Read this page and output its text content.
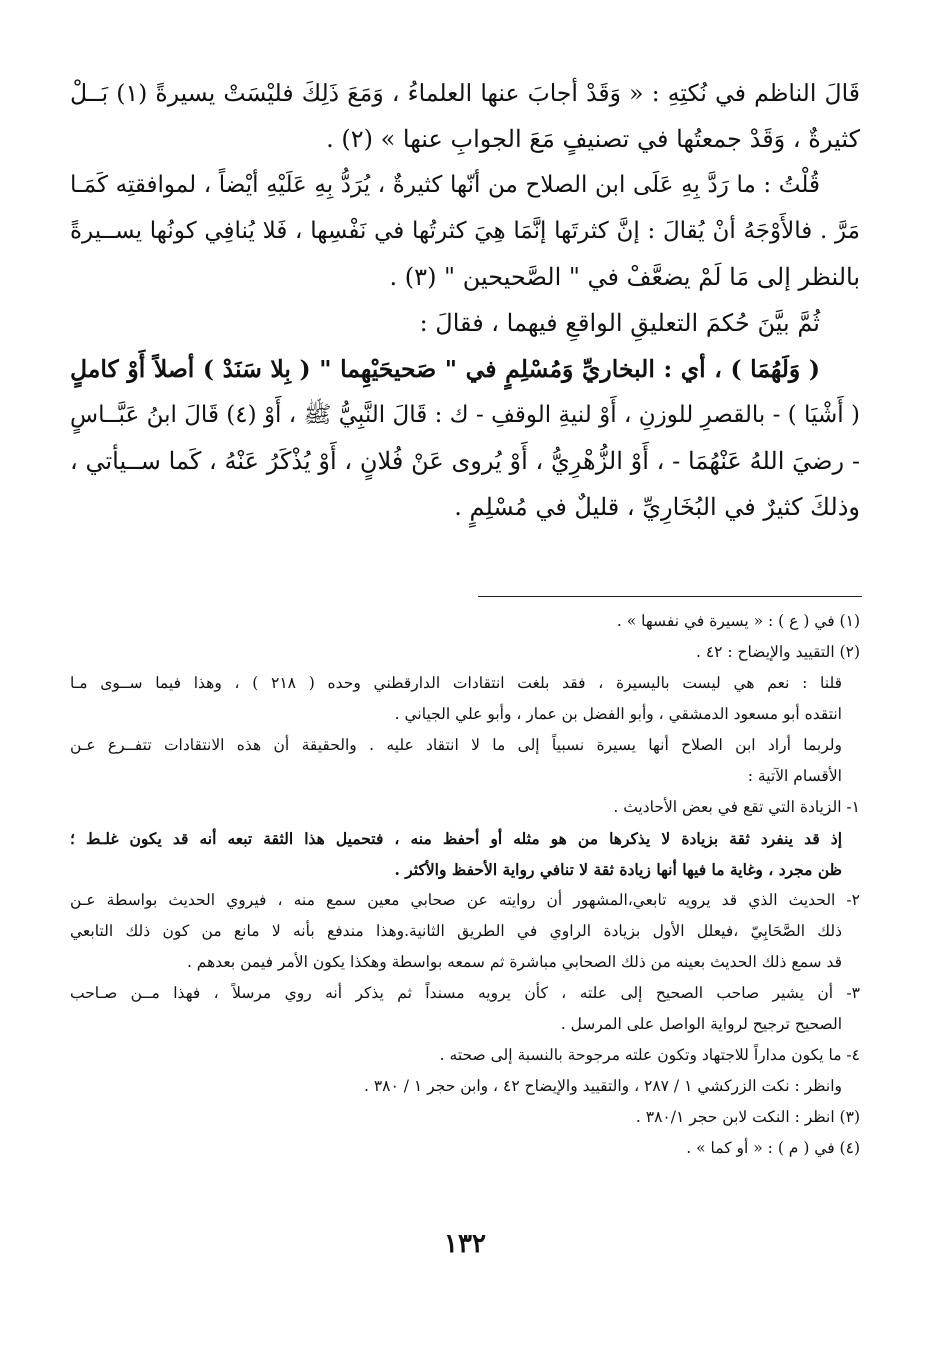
قَالَ الناظم في نُكتِهِ : « وَقَدْ أجابَ عنها العلماءُ ، وَمَعَ ذَلِكَ فليْسَتْ يسيرةً (١) بَــلْ
كثيرةٌ ، وَقَدْ جمعتُها في تصنيفٍ مَعَ الجوابِ عنها » (٢) .
قُلْتُ : ما رَدَّ بِهِ عَلَى ابن الصلاح من أنّها كثيرةٌ ، يُرَدُّ بِهِ عَلَيْهِ أيْضاً ، لموافقتِه كَمَـا
مَرَّ . فالأَوْجَهُ أنْ يُقالَ : إنَّ كثرتَها إنَّمَا هِيَ كثرتُها في نَفْسِها ، فَلا يُنافِي كونُها يســيرةً
بالنظر إلى مَا لَمْ يضعَّفْ في " الصَّحيحين " (٣) .
ثُمَّ بيَّنَ حُكمَ التعليقِ الواقعِ فيهما ، فقالَ :
( وَلَهُمَا ) ، أي : البخاريِّ وَمُسْلِمٍ في " صَحيحَيْهِما " ( بِلا سَنَدْ ) أصلاً أَوْ كاملٍ
( أَشْيَا ) - بالقصرِ للوزنِ ، أَوْ لنيةِ الوقفِ - ك : قَالَ النَّبِيُّ ﷺ ، أَوْ (٤) قَالَ ابنُ عَبَّــاسٍ
- رضيَ اللهُ عَنْهُمَا - ، أَوْ الزُّهْرِيُّ ، أَوْ يُروى عَنْ فُلانٍ ، أَوْ يُذْكَرُ عَنْهُ ، كَما ســيأتي ،
وذلكَ كثيرٌ في البُخَارِيِّ ، قليلٌ في مُسْلِمٍ .
(١) في ( ع ) : « يسيرة في نفسها » .
(٢) التقييد والإيضاح : ٤٢ .
قلنا : نعم هي ليست باليسيرة ، فقد بلغت انتقادات الدارقطني وحده ( ٢١٨ ) ، وهذا فيما ســوى مـا
انتقده أبو مسعود الدمشقي ، وأبو الفضل بن عمار ، وأبو علي الجياني .
ولربما أراد ابن الصلاح أنها يسيرة نسبياً إلى ما لا انتقاد عليه . والحقيقة أن هذه الانتقادات تتفــرع عـن
الأقسام الآتية :
١- الزيادة التي تقع في بعض الأحاديث .
إذ قد ينفرد ثقة بزيادة لا يذكرها من هو مثله أو أحفظ منه ، فتحميل هذا الثقة تبعه أنه قد يكون غلـط ؛
ظن مجرد ، وغاية ما فيها أنها زيادة ثقة لا تنافي رواية الأحفظ والأكثر .
٢- الحديث الذي قد يرويه تابعي،المشهور أن روايته عن صحابي معين سمع منه ، فيروي الحديث بواسطة عـن
ذلك الصَّحَابِيّ ،فيعلل الأول بزيادة الراوي في الطريق الثانية.وهذا مندفع بأنه لا مانع من كون ذلك التابعي
قد سمع ذلك الحديث بعينه من ذلك الصحابي مباشرة ثم سمعه بواسطة وهكذا يكون الأمر فيمن بعدهم .
٣- أن يشير صاحب الصحيح إلى علته ، كأن يرويه مسنداً ثم يذكر أنه روي مرسلاً ، فهذا مــن صـاحب
الصحيح ترجيح لرواية الواصل على المرسل .
٤- ما يكون مداراً للاجتهاد وتكون علته مرجوحة بالنسبة إلى صحته .
وانظر : نكت الزركشي ١ / ٢٨٧ ، والتقييد والإيضاح ٤٢ ، وابن حجر ١ / ٣٨٠ .
(٣) انظر : النكت لابن حجر ٣٨٠/١ .
(٤) في ( م ) : « أو كما » .
١٣٢
